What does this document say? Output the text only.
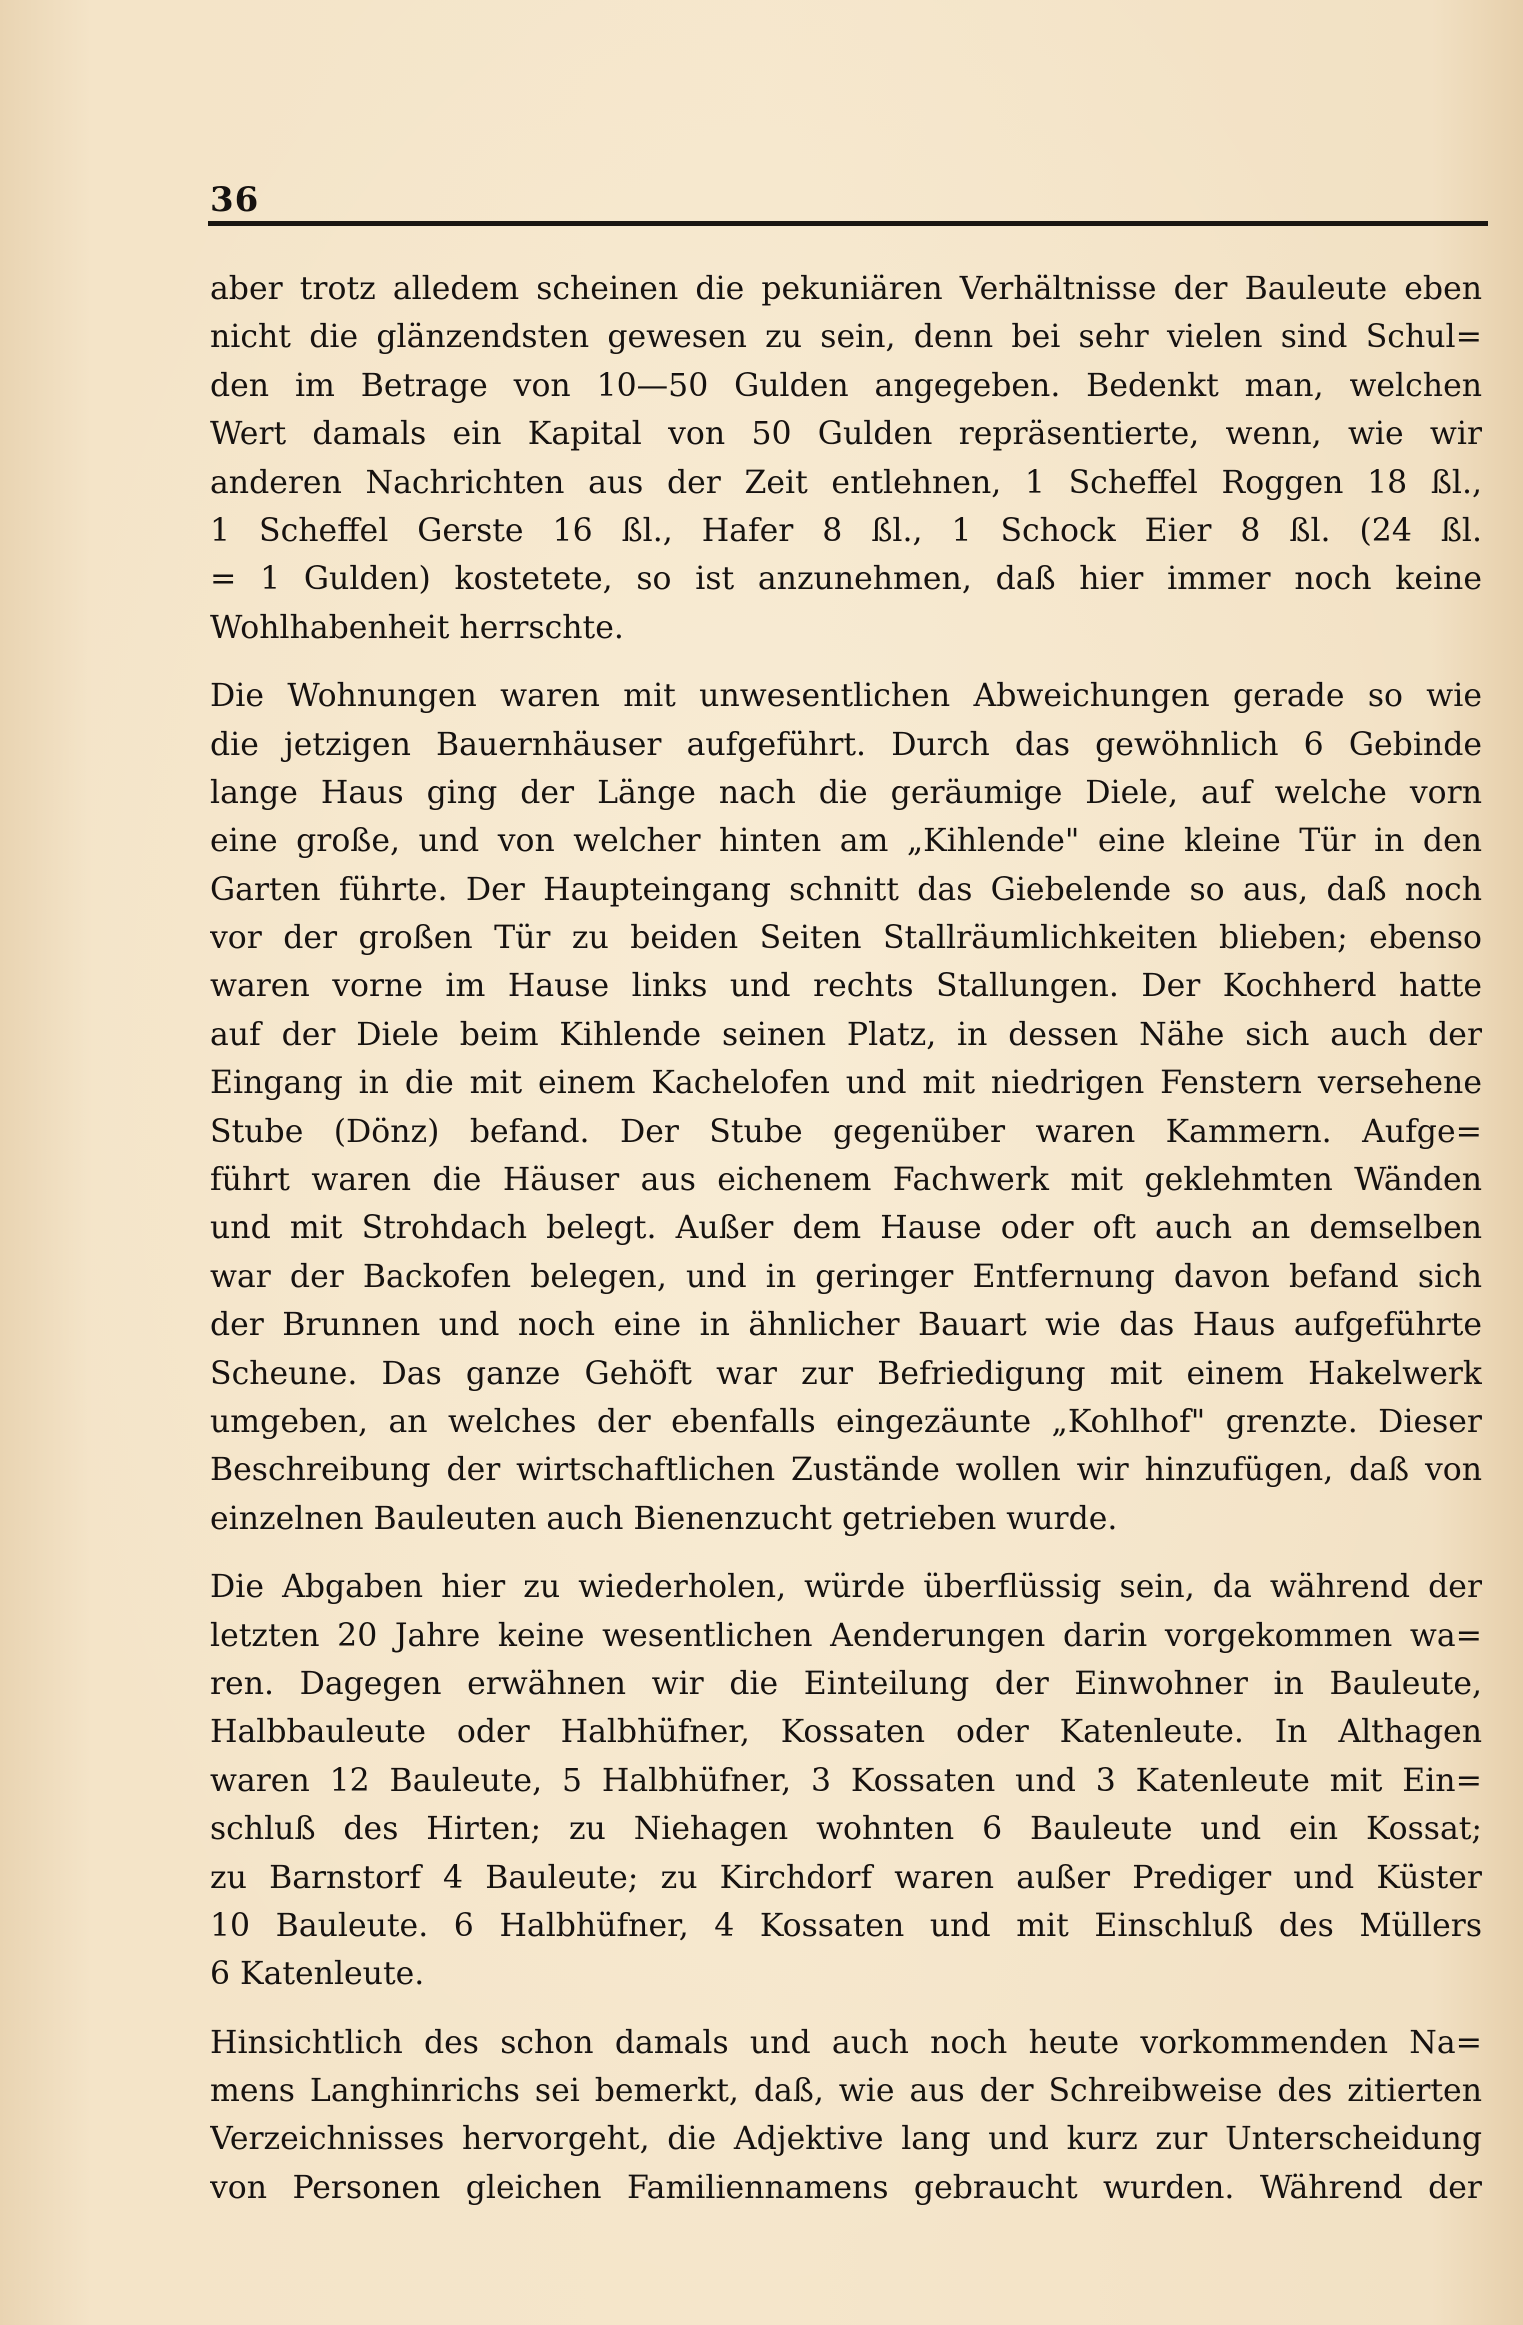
36
aber trotz alledem scheinen die pekuniären Verhältnisse der Bauleute eben
nicht die glänzendsten gewesen zu sein, denn bei sehr vielen sind Schul=
den im Betrage von 10—50 Gulden angegeben. Bedenkt man, welchen
Wert damals ein Kapital von 50 Gulden repräsentierte, wenn, wie wir
anderen Nachrichten aus der Zeit entlehnen, 1 Scheffel Roggen 18 ßl.,
1 Scheffel Gerste 16 ßl., Hafer 8 ßl., 1 Schock Eier 8 ßl. (24 ßl.
= 1 Gulden) kostetete, so ist anzunehmen, daß hier immer noch keine
Wohlhabenheit herrschte.
Die Wohnungen waren mit unwesentlichen Abweichungen gerade so wie
die jetzigen Bauernhäuser aufgeführt. Durch das gewöhnlich 6 Gebinde
lange Haus ging der Länge nach die geräumige Diele, auf welche vorn
eine große, und von welcher hinten am „Kihlende" eine kleine Tür in den
Garten führte. Der Haupteingang schnitt das Giebelende so aus, daß noch
vor der großen Tür zu beiden Seiten Stallräumlichkeiten blieben; ebenso
waren vorne im Hause links und rechts Stallungen. Der Kochherd hatte
auf der Diele beim Kihlende seinen Platz, in dessen Nähe sich auch der
Eingang in die mit einem Kachelofen und mit niedrigen Fenstern versehene
Stube (Dönz) befand. Der Stube gegenüber waren Kammern. Aufge=
führt waren die Häuser aus eichenem Fachwerk mit geklehmten Wänden
und mit Strohdach belegt. Außer dem Hause oder oft auch an demselben
war der Backofen belegen, und in geringer Entfernung davon befand sich
der Brunnen und noch eine in ähnlicher Bauart wie das Haus aufgeführte
Scheune. Das ganze Gehöft war zur Befriedigung mit einem Hakelwerk
umgeben, an welches der ebenfalls eingezäunte „Kohlhof" grenzte. Dieser
Beschreibung der wirtschaftlichen Zustände wollen wir hinzufügen, daß von
einzelnen Bauleuten auch Bienenzucht getrieben wurde.
Die Abgaben hier zu wiederholen, würde überflüssig sein, da während der
letzten 20 Jahre keine wesentlichen Aenderungen darin vorgekommen wa=
ren. Dagegen erwähnen wir die Einteilung der Einwohner in Bauleute,
Halbbauleute oder Halbhüfner, Kossaten oder Katenleute. In Althagen
waren 12 Bauleute, 5 Halbhüfner, 3 Kossaten und 3 Katenleute mit Ein=
schluß des Hirten; zu Niehagen wohnten 6 Bauleute und ein Kossat;
zu Barnstorf 4 Bauleute; zu Kirchdorf waren außer Prediger und Küster
10 Bauleute. 6 Halbhüfner, 4 Kossaten und mit Einschluß des Müllers
6 Katenleute.
Hinsichtlich des schon damals und auch noch heute vorkommenden Na=
mens Langhinrichs sei bemerkt, daß, wie aus der Schreibweise des zitierten
Verzeichnisses hervorgeht, die Adjektive lang und kurz zur Unterscheidung
von Personen gleichen Familiennamens gebraucht wurden. Während der
